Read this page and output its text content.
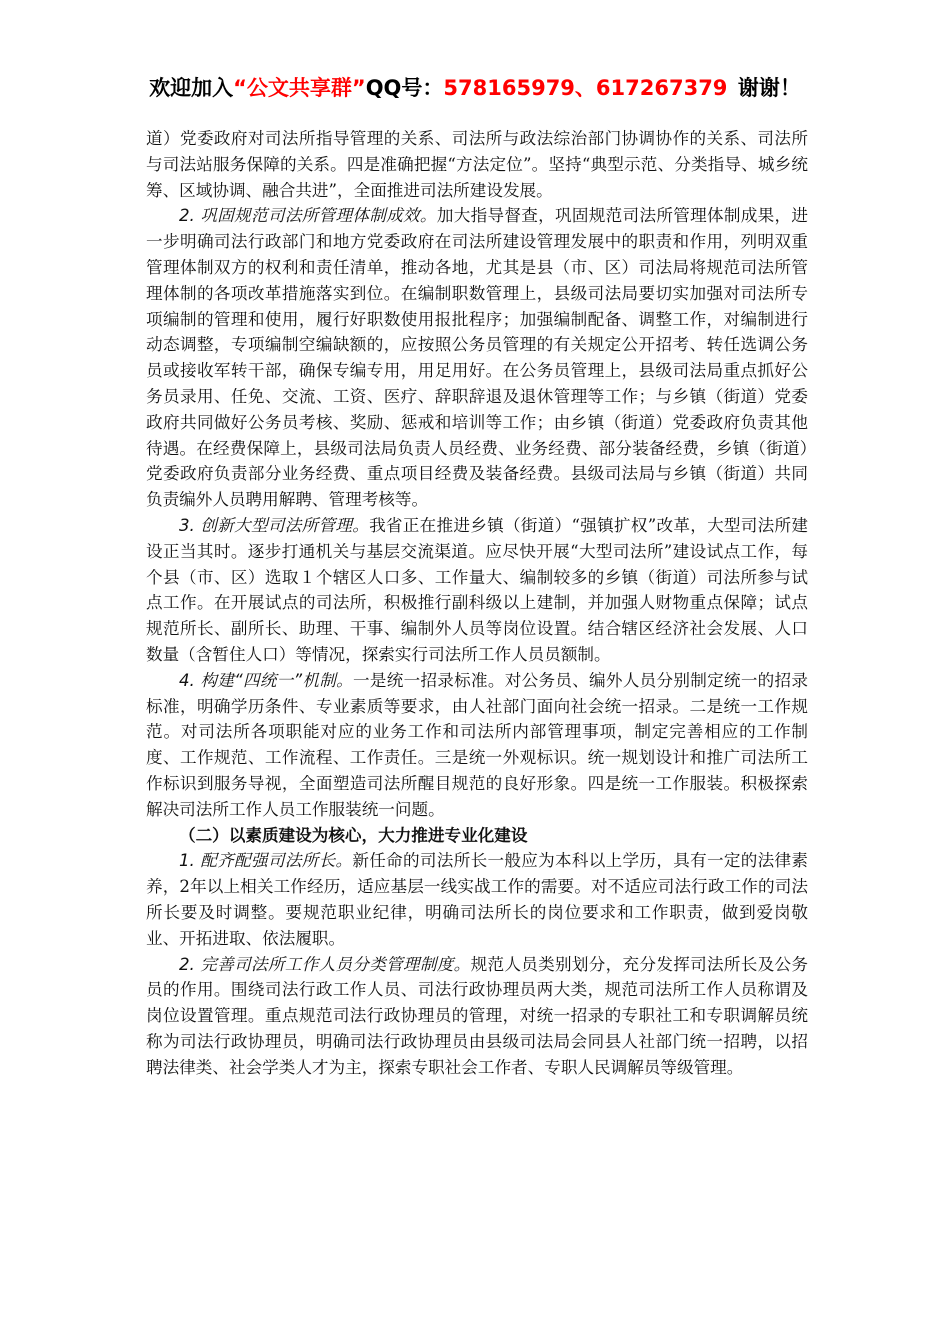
欢迎加入“公文共享群”QQ号：578165979、617267379  谢谢！

道）党委政府对司法所指导管理的关系、司法所与政法综治部门协调协作的关系、司法所与司法站服务保障的关系。四是准确把握“方法定位”。坚持“典型示范、分类指导、城乡统筹、区域协调、融合共进”，全面推进司法所建设发展。

2. 巩固规范司法所管理体制成效。加大指导督查，巩固规范司法所管理体制成果，进一步明确司法行政部门和地方党委政府在司法所建设管理发展中的职责和作用，列明双重管理体制双方的权利和责任清单，推动各地，尤其是县（市、区）司法局将规范司法所管理体制的各项改革措施落实到位。在编制职数管理上，县级司法局要切实加强对司法所专项编制的管理和使用，履行好职数使用报批程序；加强编制配备、调整工作，对编制进行动态调整，专项编制空编缺额的，应按照公务员管理的有关规定公开招考、转任选调公务员或接收军转干部，确保专编专用，用足用好。在公务员管理上，县级司法局重点抓好公务员录用、任免、交流、工资、医疗、辞职辞退及退休管理等工作；与乡镇（街道）党委政府共同做好公务员考核、奖励、惩戒和培训等工作；由乡镇（街道）党委政府负责其他待遇。在经费保障上，县级司法局负责人员经费、业务经费、部分装备经费，乡镇（街道）党委政府负责部分业务经费、重点项目经费及装备经费。县级司法局与乡镇（街道）共同负责编外人员聘用解聘、管理考核等。

3. 创新大型司法所管理。我省正在推进乡镇（街道）“强镇扩权”改革，大型司法所建设正当其时。逐步打通机关与基层交流渠道。应尽快开展“大型司法所”建设试点工作，每个县（市、区）选取１个辖区人口多、工作量大、编制较多的乡镇（街道）司法所参与试点工作。在开展试点的司法所，积极推行副科级以上建制，并加强人财物重点保障；试点规范所长、副所长、助理、干事、编制外人员等岗位设置。结合辖区经济社会发展、人口数量（含暂住人口）等情况，探索实行司法所工作人员员额制。

4. 构建“四统一”机制。一是统一招录标准。对公务员、编外人员分别制定统一的招录标准，明确学历条件、专业素质等要求，由人社部门面向社会统一招录。二是统一工作规范。对司法所各项职能对应的业务工作和司法所内部管理事项，制定完善相应的工作制度、工作规范、工作流程、工作责任。三是统一外观标识。统一规划设计和推广司法所工作标识到服务导视，全面塑造司法所醒目规范的良好形象。四是统一工作服装。积极探索解决司法所工作人员工作服装统一问题。

（二）以素质建设为核心，大力推进专业化建设

1. 配齐配强司法所长。新任命的司法所长一般应为本科以上学历，具有一定的法律素养，2年以上相关工作经历，适应基层一线实战工作的需要。对不适应司法行政工作的司法所长要及时调整。要规范职业纪律，明确司法所长的岗位要求和工作职责，做到爱岗敬业、开拓进取、依法履职。

2. 完善司法所工作人员分类管理制度。规范人员类别划分，充分发挥司法所长及公务员的作用。围绕司法行政工作人员、司法行政协理员两大类，规范司法所工作人员称谓及岗位设置管理。重点规范司法行政协理员的管理，对统一招录的专职社工和专职调解员统称为司法行政协理员，明确司法行政协理员由县级司法局会同县人社部门统一招聘，以招聘法律类、社会学类人才为主，探索专职社会工作者、专职人民调解员等级管理。
